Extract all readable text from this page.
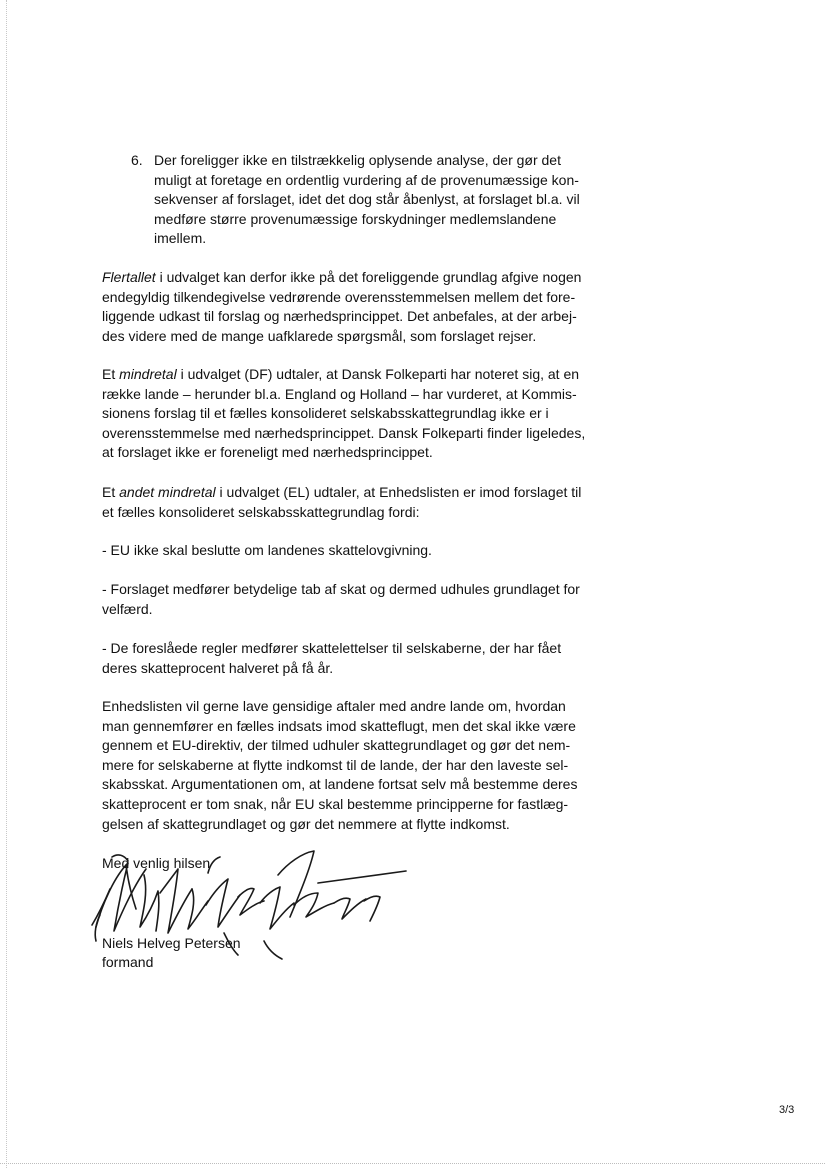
6. Der foreligger ikke en tilstrækkelig oplysende analyse, der gør det
muligt at foretage en ordentlig vurdering af de provenumæssige kon-
sekvenser af forslaget, idet det dog står åbenlyst, at forslaget bl.a. vil
medføre større provenumæssige forskydninger medlemslandene
imellem.
Flertallet i udvalget kan derfor ikke på det foreliggende grundlag afgive nogen
endegyldig tilkendegivelse vedrørende overensstemmelsen mellem det fore-
liggende udkast til forslag og nærhedsprincippet. Det anbefales, at der arbej-
des videre med de mange uafklarede spørgsmål, som forslaget rejser.
Et mindretal i udvalget (DF) udtaler, at Dansk Folkeparti har noteret sig, at en
række lande – herunder bl.a. England og Holland – har vurderet, at Kommis-
sionens forslag til et fælles konsolideret selskabsskattegrundlag ikke er i
overensstemmelse med nærhedsprincippet. Dansk Folkeparti finder ligeledes,
at forslaget ikke er foreneligt med nærhedsprincippet.
Et andet mindretal i udvalget (EL) udtaler, at Enhedslisten er imod forslaget til
et fælles konsolideret selskabsskattegrundlag fordi:
- EU ikke skal beslutte om landenes skattelovgivning.
- Forslaget medfører betydelige tab af skat og dermed udhules grundlaget for
velfærd.
- De foreslåede regler medfører skattelettelser til selskaberne, der har fået
deres skatteprocent halveret på få år.
Enhedslisten vil gerne lave gensidige aftaler med andre lande om, hvordan
man gennemfører en fælles indsats imod skatteflugt, men det skal ikke være
gennem et EU-direktiv, der tilmed udhuler skattegrundlaget og gør det nem-
mere for selskaberne at flytte indkomst til de lande, der har den laveste sel-
skabsskat. Argumentationen om, at landene fortsat selv må bestemme deres
skatteprocent er tom snak, når EU skal bestemme principperne for fastlæg-
gelsen af skattegrundlaget og gør det nemmere at flytte indkomst.
Med venlig hilsen
Niels Helveg Petersen
formand
3/3
